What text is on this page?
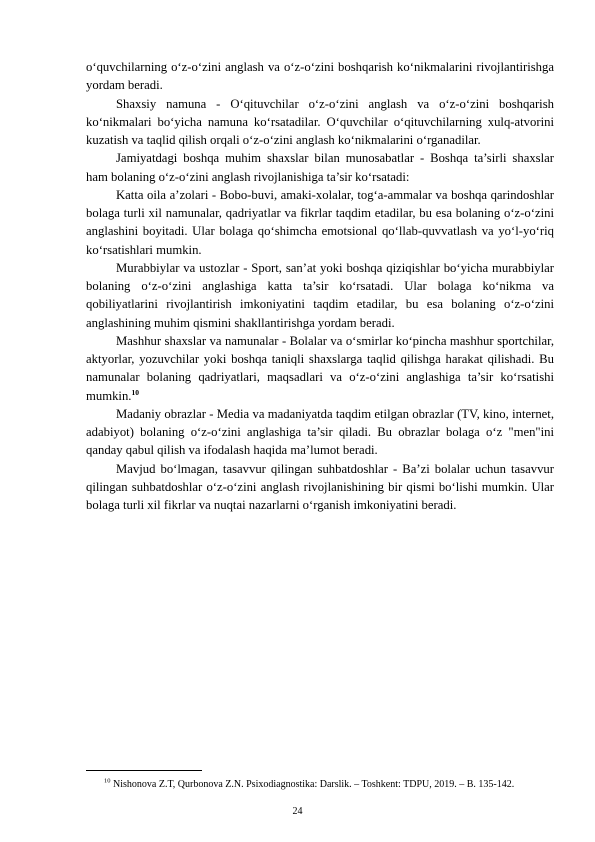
o‘quvchilarning o‘z-o‘zini anglash va o‘z-o‘zini boshqarish ko‘nikmalarini rivojlantirishga yordam beradi.

Shaxsiy namuna - O‘qituvchilar o‘z-o‘zini anglash va o‘z-o‘zini boshqarish ko‘nikmalari bo‘yicha namuna ko‘rsatadilar. O‘quvchilar o‘qituvchilarning xulq-atvorini kuzatish va taqlid qilish orqali o‘z-o‘zini anglash ko‘nikmalarini o‘rganadilar.

Jamiyatdagi boshqa muhim shaxslar bilan munosabatlar - Boshqa ta’sirli shaxslar ham bolaning o‘z-o‘zini anglash rivojlanishiga ta’sir ko‘rsatadi:

Katta oila a’zolari - Bobo-buvi, amaki-xolalar, tog‘a-ammalar va boshqa qarindoshlar bolaga turli xil namunalar, qadriyatlar va fikrlar taqdim etadilar, bu esa bolaning o‘z-o‘zini anglashini boyitadi. Ular bolaga qo‘shimcha emotsional qo‘llab-quvvatlash va yo‘l-yo‘riq ko‘rsatishlari mumkin.

Murabbiylar va ustozlar - Sport, san’at yoki boshqa qiziqishlar bo‘yicha murabbiylar bolaning o‘z-o‘zini anglashiga katta ta’sir ko‘rsatadi. Ular bolaga ko‘nikma va qobiliyatlarini rivojlantirish imkoniyatini taqdim etadilar, bu esa bolaning o‘z-o‘zini anglashining muhim qismini shakllantirishga yordam beradi.

Mashhur shaxslar va namunalar - Bolalar va o‘smirlar ko‘pincha mashhur sportchilar, aktyorlar, yozuvchilar yoki boshqa taniqli shaxslarga taqlid qilishga harakat qilishadi. Bu namunalar bolaning qadriyatlari, maqsadlari va o‘z-o‘zini anglashiga ta’sir ko‘rsatishi mumkin.$^{10}$

Madaniy obrazlar - Media va madaniyatda taqdim etilgan obrazlar (TV, kino, internet, adabiyot) bolaning o‘z-o‘zini anglashiga ta’sir qiladi. Bu obrazlar bolaga o‘z "men"ini qanday qabul qilish va ifodalash haqida ma’lumot beradi.

Mavjud bo‘lmagan, tasavvur qilingan suhbatdoshlar - Ba’zi bolalar uchun tasavvur qilingan suhbatdoshlar o‘z-o‘zini anglash rivojlanishining bir qismi bo‘lishi mumkin. Ular bolaga turli xil fikrlar va nuqtai nazarlarni o‘rganish imkoniyatini beradi.

$^{10}$ Nishonova Z.T, Qurbonova Z.N. Psixodiagnostika: Darslik. – Toshkent: TDPU, 2019. – B. 135-142.

24
